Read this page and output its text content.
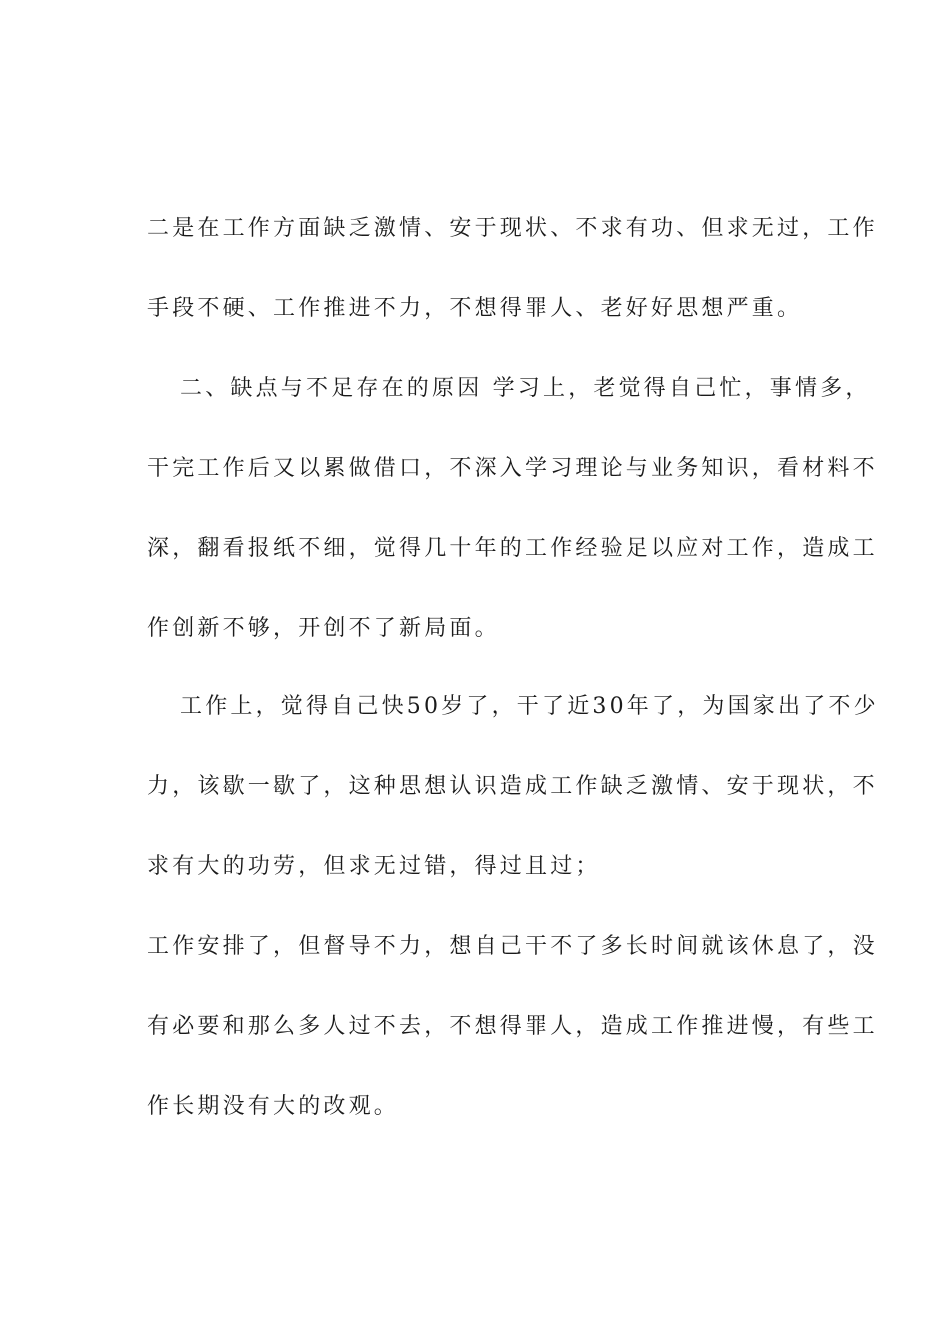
二是在工作方面缺乏激情、安于现状、不求有功、但求无过，工作

手段不硬、工作推进不力，不想得罪人、老好好思想严重。

二、缺点与不足存在的原因 学习上，老觉得自己忙，事情多，

干完工作后又以累做借口，不深入学习理论与业务知识，看材料不

深，翻看报纸不细，觉得几十年的工作经验足以应对工作，造成工

作创新不够，开创不了新局面。

工作上，觉得自己快50岁了，干了近30年了，为国家出了不少

力，该歇一歇了，这种思想认识造成工作缺乏激情、安于现状，不

求有大的功劳，但求无过错，得过且过；

工作安排了，但督导不力，想自己干不了多长时间就该休息了，没

有必要和那么多人过不去，不想得罪人，造成工作推进慢，有些工

作长期没有大的改观。
